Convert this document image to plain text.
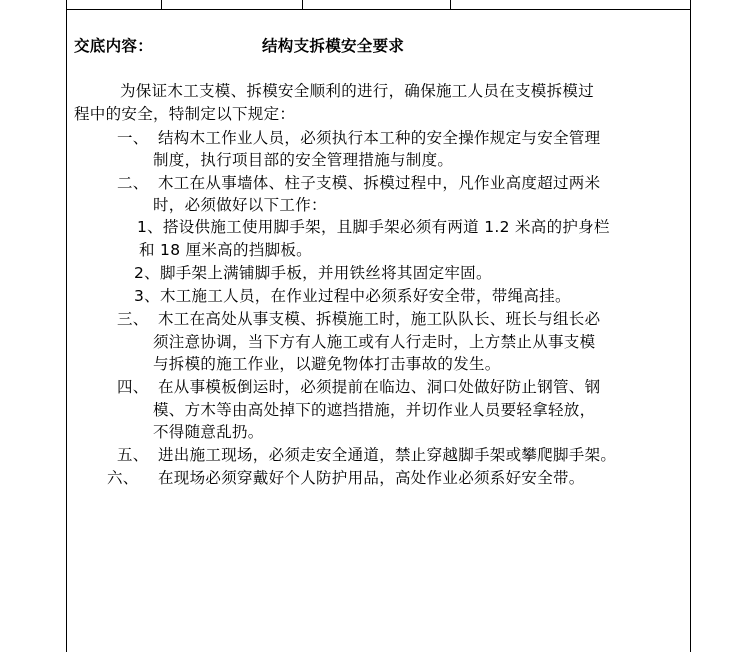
交底内容：	结构支拆模安全要求
为保证木工支模、拆模安全顺利的进行，确保施工人员在支模拆模过
程中的安全，特制定以下规定：
一、 结构木工作业人员，必须执行本工种的安全操作规定与安全管理
制度，执行项目部的安全管理措施与制度。
二、 木工在从事墙体、柱子支模、拆模过程中，凡作业高度超过两米
时，必须做好以下工作：
1、搭设供施工使用脚手架，且脚手架必须有两道 1.2 米高的护身栏
和 18 厘米高的挡脚板。
2、脚手架上满铺脚手板，并用铁丝将其固定牢固。
3、木工施工人员，在作业过程中必须系好安全带，带绳高挂。
三、 木工在高处从事支模、拆模施工时，施工队队长、班长与组长必
须注意协调，当下方有人施工或有人行走时，上方禁止从事支模
与拆模的施工作业，以避免物体打击事故的发生。
四、 在从事模板倒运时，必须提前在临边、洞口处做好防止钢管、钢
模、方木等由高处掉下的遮挡措施，并切作业人员要轻拿轻放，
不得随意乱扔。
五、 进出施工现场，必须走安全通道，禁止穿越脚手架或攀爬脚手架。
六、 在现场必须穿戴好个人防护用品，高处作业必须系好安全带。
